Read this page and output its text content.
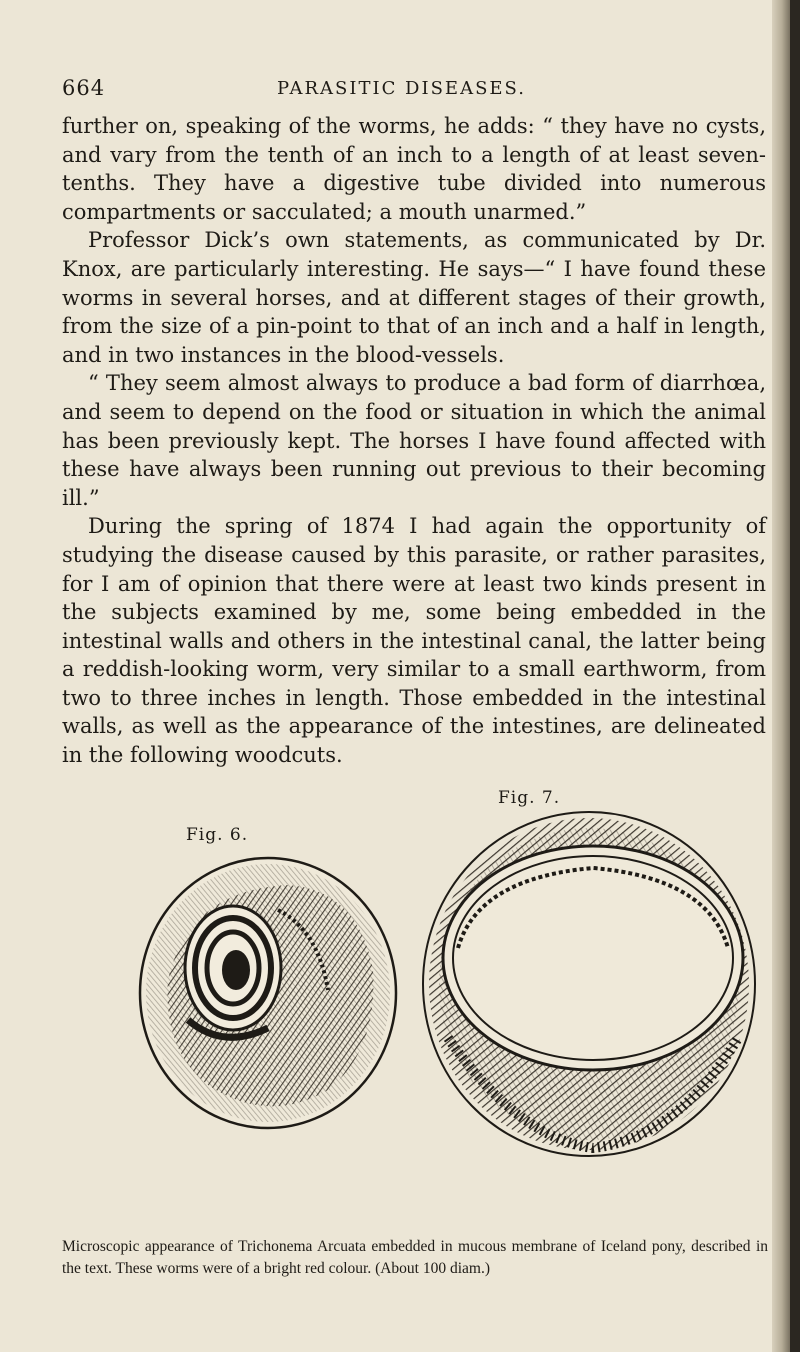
664	PARASITIC DISEASES.

further on, speaking of the worms, he adds: “ they have no cysts, and vary from the tenth of an inch to a length of at least seven-tenths. They have a digestive tube divided into numerous compartments or sacculated; a mouth unarmed.”

Professor Dick’s own statements, as communicated by Dr. Knox, are particularly interesting. He says—“ I have found these worms in several horses, and at different stages of their growth, from the size of a pin-point to that of an inch and a half in length, and in two instances in the blood-vessels.

“ They seem almost always to produce a bad form of diarrhœa, and seem to depend on the food or situation in which the animal has been previously kept. The horses I have found affected with these have always been running out previous to their becoming ill.”

During the spring of 1874 I had again the opportunity of studying the disease caused by this parasite, or rather parasites, for I am of opinion that there were at least two kinds present in the subjects examined by me, some being embedded in the intestinal walls and others in the intestinal canal, the latter being a reddish-looking worm, very similar to a small earthworm, from two to three inches in length. Those embedded in the intestinal walls, as well as the appearance of the intestines, are delineated in the following woodcuts.

Fig. 7.
Fig. 6.
Microscopic appearance of Trichonema Arcuata embedded in mucous membrane of Iceland pony, described in the text. These worms were of a bright red colour. (About 100 diam.)
